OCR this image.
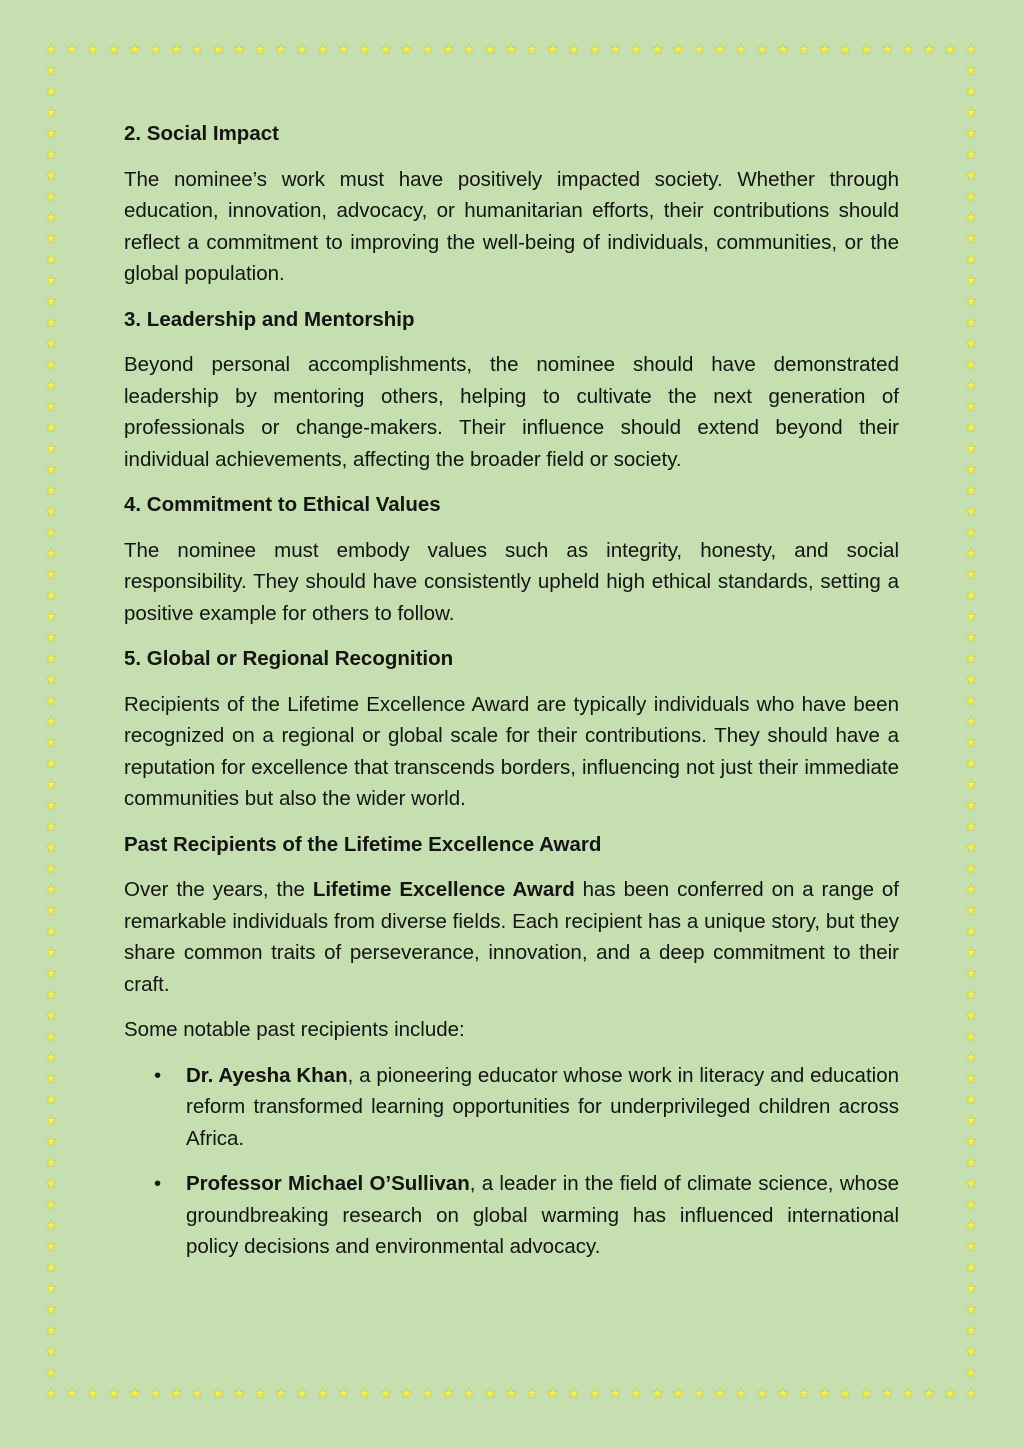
★
★
★
★
★
★
★
★
★
★
★
★
★
★
★
★
★
★
★
★
★
★
★
★
★
★
★
★
★
★
★
★
★
★
★
★
★
★
★
★
★
★
★
★
★
★
★
★
★
★
★
★
★
★
★
★
★
★
★
★
★
★
★
★
★
★
★
★
★
★
★
★
★
★
★
★
★
★
★
★
★
★
★
★
★
★
★
★
★
★
★	★
★	★
★	★
★	★
★	★
★	★
★	★
★	★
★	★
★	★
★	★
★	★
★	★
★	★
★	★
★	★
★	★
★	★
★	★
★	★
★	★
★	★
★	★
★	★
★	★
★	★
★	★
★	★
★	★
★	★
★	★
★	★
★	★
★	★
★	★
★	★
★	★
★	★
★	★
★	★
★	★
★	★
★	★
★	★
★	★
★	★
★	★
★	★
★	★
★	★
★	★
★	★
★	★
★	★
★	★
★	★
★	★
★	★
★	★
★	★
★	★
★	★
★	★
2. Social Impact
The nominee’s work must have positively impacted society. Whether through education, innovation, advocacy, or humanitarian efforts, their contributions should reflect a commitment to improving the well-being of individuals, communities, or the global population.
3. Leadership and Mentorship
Beyond personal accomplishments, the nominee should have demonstrated leadership by mentoring others, helping to cultivate the next generation of professionals or change-makers. Their influence should extend beyond their individual achievements, affecting the broader field or society.
4. Commitment to Ethical Values
The nominee must embody values such as integrity, honesty, and social responsibility. They should have consistently upheld high ethical standards, setting a positive example for others to follow.
5. Global or Regional Recognition
Recipients of the Lifetime Excellence Award are typically individuals who have been recognized on a regional or global scale for their contributions. They should have a reputation for excellence that transcends borders, influencing not just their immediate communities but also the wider world.
Past Recipients of the Lifetime Excellence Award
Over the years, the Lifetime Excellence Award has been conferred on a range of remarkable individuals from diverse fields. Each recipient has a unique story, but they share common traits of perseverance, innovation, and a deep commitment to their craft.
Some notable past recipients include:
• Dr. Ayesha Khan, a pioneering educator whose work in literacy and education reform transformed learning opportunities for underprivileged children across Africa.
• Professor Michael O’Sullivan, a leader in the field of climate science, whose groundbreaking research on global warming has influenced international policy decisions and environmental advocacy.
